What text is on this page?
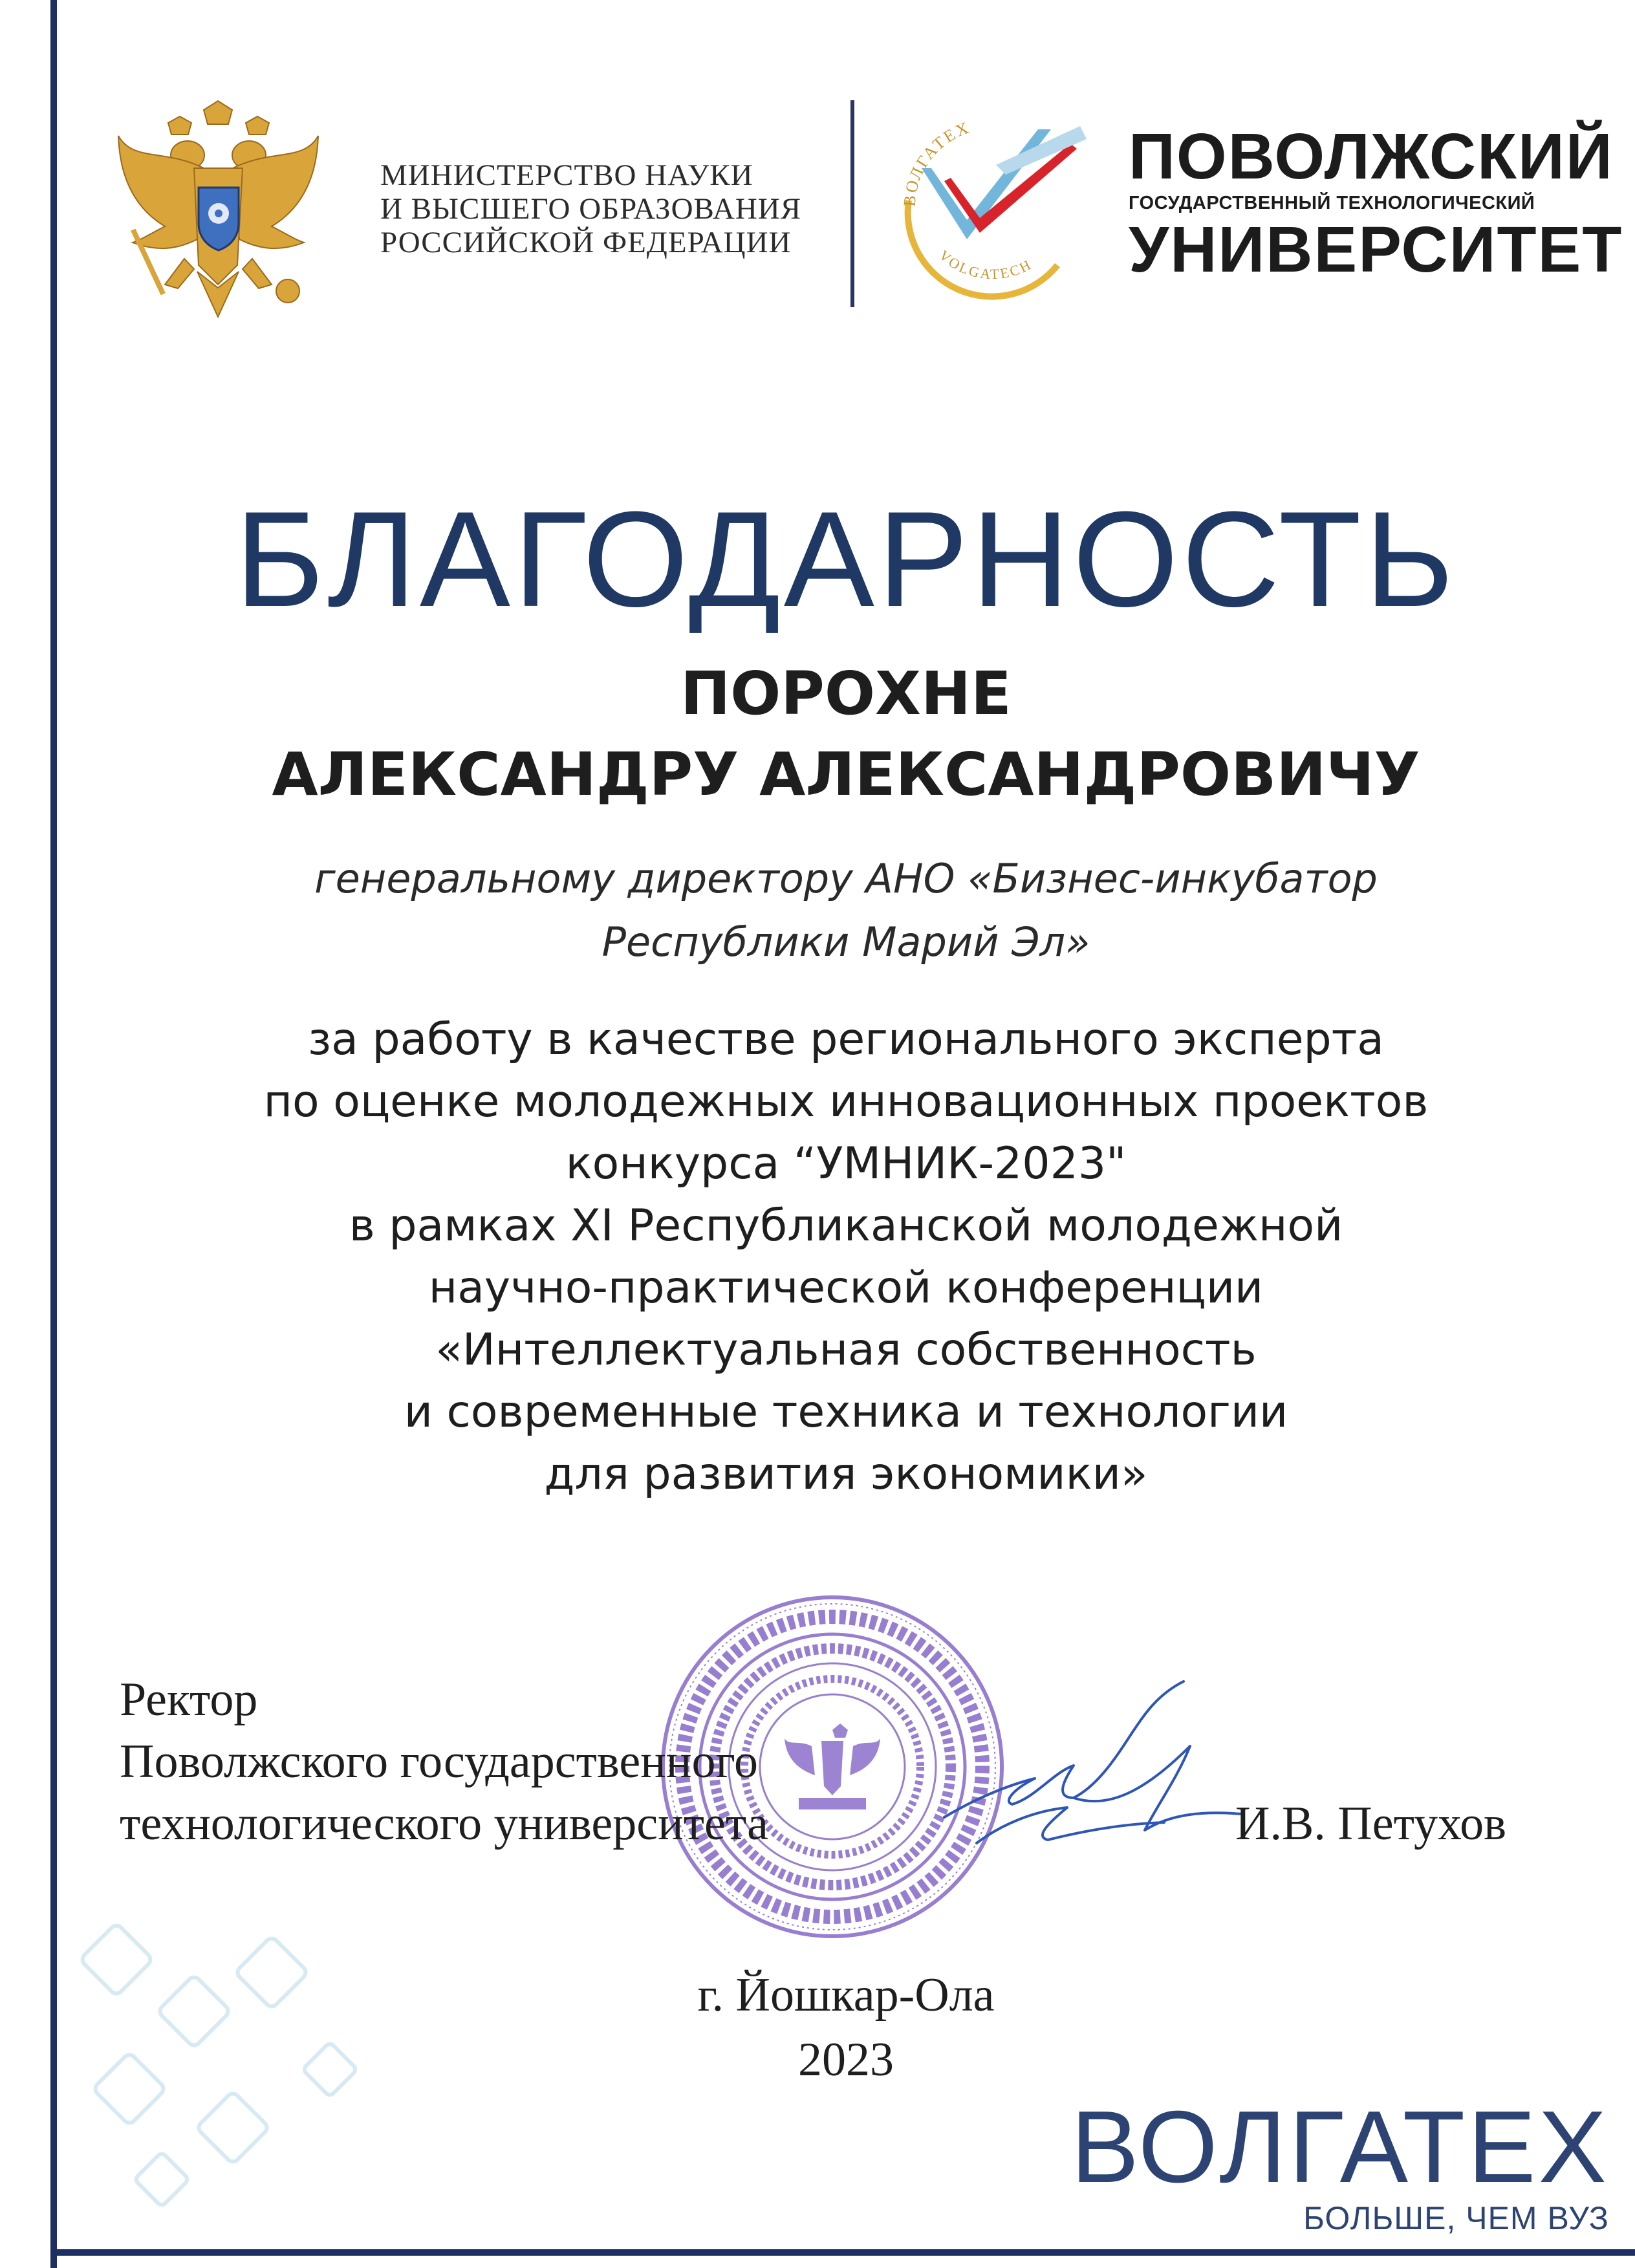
МИНИСТЕРСТВО НАУКИ
И ВЫСШЕГО ОБРАЗОВАНИЯ
РОССИЙСКОЙ ФЕДЕРАЦИИ
ВОЛГАТЕХ
VOLGATECH
ПОВОЛЖСКИЙ
ГОСУДАРСТВЕННЫЙ ТЕХНОЛОГИЧЕСКИЙ
УНИВЕРСИТЕТ
БЛАГОДАРНОСТЬ
ПОРОХНЕ
АЛЕКСАНДРУ АЛЕКСАНДРОВИЧУ
генеральному директору АНО «Бизнес-инкубатор
Республики Марий Эл»
за работу в качестве регионального эксперта
по оценке молодежных инновационных проектов
конкурса “УМНИК-2023"
в рамках XI Республиканской молодежной
научно-практической конференции
«Интеллектуальная собственность
и современные техника и технологии
для развития экономики»
Ректор
Поволжского государственного
технологического университета	И.В. Петухов
г. Йошкар-Ола
2023
ВОЛГАТЕХ
БОЛЬШЕ, ЧЕМ ВУЗ
